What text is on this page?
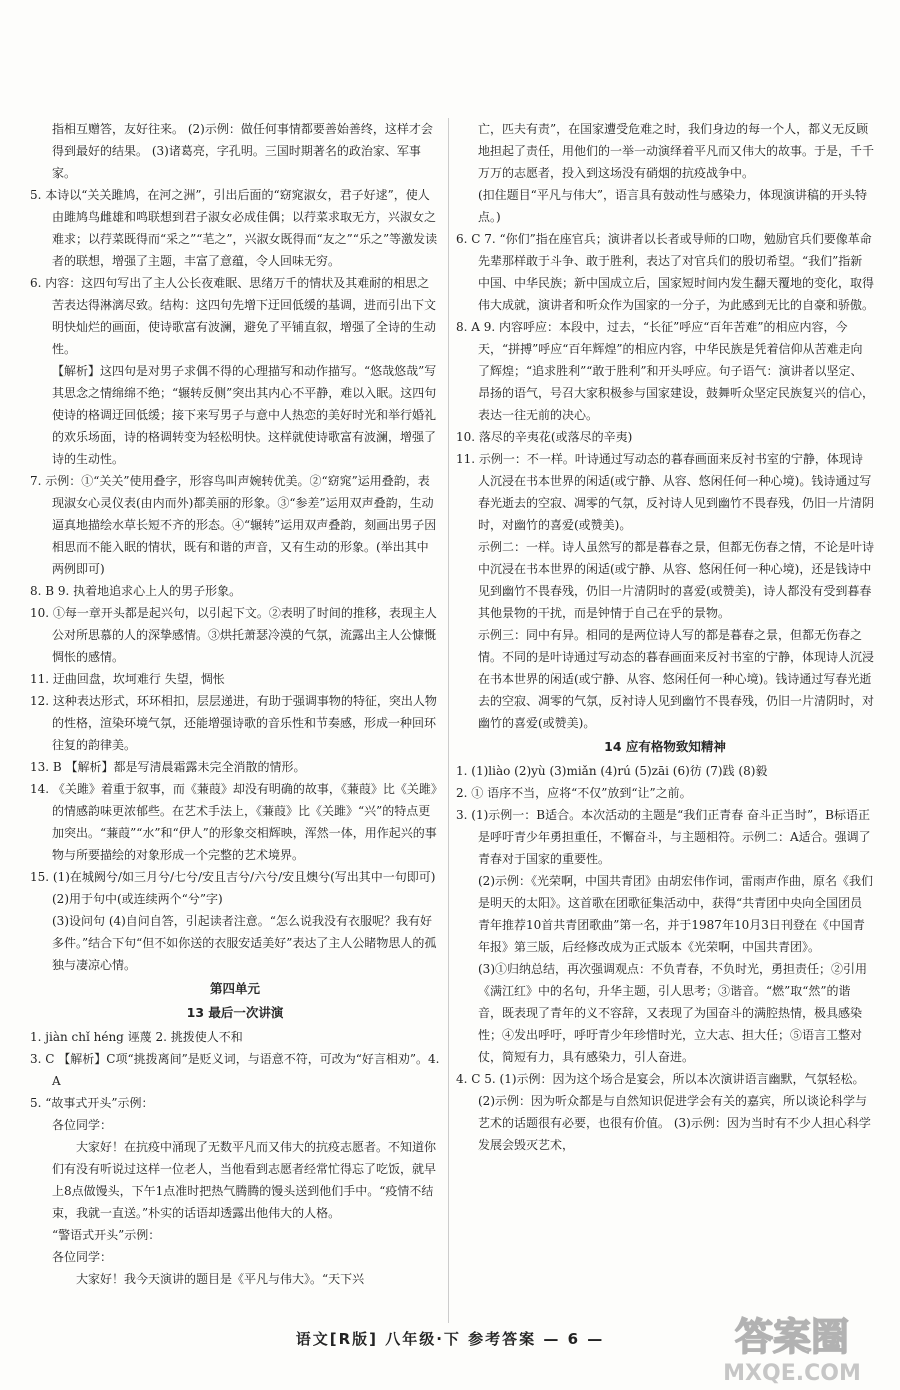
指相互赠答，友好往来。 (2)示例：做任何事情都要善始善终，这样才会得到最好的结果。 (3)诸葛亮，字孔明。三国时期著名的政治家、军事家。
5. 本诗以“关关雎鸠，在河之洲”，引出后面的“窈窕淑女，君子好逑”，使人由雎鸠鸟雌雄和鸣联想到君子淑女必成佳偶；以荇菜求取无方，兴淑女之难求；以荇菜既得而“采之”“芼之”，兴淑女既得而“友之”“乐之”等激发读者的联想，增强了主题，丰富了意蕴，令人回味无穷。
6. 内容：这四句写出了主人公长夜难眠、思绪万千的情状及其难耐的相思之苦表达得淋漓尽致。结构：这四句先增下迂回低缓的基调，进而引出下文明快灿烂的画面，使诗歌富有波澜，避免了平铺直叙，增强了全诗的生动性。
【解析】这四句是对男子求偶不得的心理描写和动作描写。“悠哉悠哉”写其思念之情绵绵不绝；“辗转反侧”突出其内心不平静，难以入眠。这四句使诗的格调迂回低缓；接下来写男子与意中人热恋的美好时光和举行婚礼的欢乐场面，诗的格调转变为轻松明快。这样就使诗歌富有波澜，增强了诗的生动性。
7. 示例：①“关关”使用叠字，形容鸟叫声婉转优美。②“窈窕”运用叠韵，表现淑女心灵仪表(由内而外)都美丽的形象。③“参差”运用双声叠韵，生动逼真地描绘水草长短不齐的形态。④“辗转”运用双声叠韵，刻画出男子因相思而不能入眠的情状，既有和谐的声音，又有生动的形象。(举出其中两例即可)
8. B 9. 执着地追求心上人的男子形象。
10. ①每一章开头都是起兴句，以引起下文。②表明了时间的推移，表现主人公对所思慕的人的深挚感情。③烘托萧瑟冷漠的气氛，流露出主人公慷慨惆怅的感情。
11. 迂曲回盘，坎坷难行 失望，惆怅
12. 这种表达形式，环环相扣，层层递进，有助于强调事物的特征，突出人物的性格，渲染环境气氛，还能增强诗歌的音乐性和节奏感，形成一种回环往复的韵律美。
13. B 【解析】都是写清晨霜露未完全消散的情形。
14. 《关雎》着重于叙事，而《蒹葭》却没有明确的故事，《蒹葭》比《关雎》的情感韵味更浓郁些。在艺术手法上，《蒹葭》比《关雎》“兴”的特点更加突出。“蒹葭”“水”和“伊人”的形象交相辉映，浑然一体，用作起兴的事物与所要描绘的对象形成一个完整的艺术境界。
15. (1)在城阙兮/如三月兮/七兮/安且吉兮/六兮/安且燠兮(写出其中一句即可) (2)用于句中(或连续两个“兮”字)
(3)设问句 (4)自问自答，引起读者注意。“怎么说我没有衣服呢？我有好多件。”结合下句“但不如你送的衣服安适美好”表达了主人公睹物思人的孤独与凄凉心情。
第四单元
13 最后一次讲演
1. jiàn chǐ héng 诬蔑 2. 挑拨使人不和
3. C 【解析】C项“挑拨离间”是贬义词，与语意不符，可改为“好言相劝”。4. A
5. “故事式开头”示例：
各位同学：
大家好！在抗疫中涌现了无数平凡而又伟大的抗疫志愿者。不知道你们有没有听说过这样一位老人，当他看到志愿者经常忙得忘了吃饭，就早上8点做馒头，下午1点准时把热气腾腾的馒头送到他们手中。“疫情不结束，我就一直送。”朴实的话语却透露出他伟大的人格。
“警语式开头”示例：
各位同学：
大家好！我今天演讲的题目是《平凡与伟大》。“天下兴
亡，匹夫有责”，在国家遭受危难之时，我们身边的每一个人，都义无反顾地担起了责任，用他们的一举一动演绎着平凡而又伟大的故事。于是，千千万万的志愿者，投入到这场没有硝烟的抗疫战争中。
(扣住题目“平凡与伟大”，语言具有鼓动性与感染力，体现演讲稿的开头特点。)
6. C 7. “你们”指在座官兵；演讲者以长者或导师的口吻，勉励官兵们要像革命先辈那样敢于斗争、敢于胜利，表达了对官兵们的殷切希望。“我们”指新中国、中华民族；新中国成立后，国家短时间内发生翻天覆地的变化，取得伟大成就，演讲者和听众作为国家的一分子，为此感到无比的自豪和骄傲。
8. A 9. 内容呼应：本段中，过去，“长征”呼应“百年苦难”的相应内容，今天，“拼搏”呼应“百年辉煌”的相应内容，中华民族是凭着信仰从苦难走向了辉煌；“追求胜利”“敢于胜利”和开头呼应。句子语气：演讲者以坚定、昂扬的语气，号召大家积极参与国家建设，鼓舞听众坚定民族复兴的信心，表达一往无前的决心。
10. 落尽的辛夷花(或落尽的辛夷)
11. 示例一：不一样。叶诗通过写动态的暮春画面来反衬书室的宁静，体现诗人沉浸在书本世界的闲适(或宁静、从容、悠闲任何一种心境)。钱诗通过写春光逝去的空寂、凋零的气氛，反衬诗人见到幽竹不畏春残，仍旧一片清阴时，对幽竹的喜爱(或赞美)。
示例二：一样。诗人虽然写的都是暮春之景，但都无伤春之情，不论是叶诗中沉浸在书本世界的闲适(或宁静、从容、悠闲任何一种心境)，还是钱诗中见到幽竹不畏春残，仍旧一片清阴时的喜爱(或赞美)，诗人都没有受到暮春其他景物的干扰，而是钟情于自己在乎的景物。
示例三：同中有异。相同的是两位诗人写的都是暮春之景，但都无伤春之情。不同的是叶诗通过写动态的暮春画面来反衬书室的宁静，体现诗人沉浸在书本世界的闲适(或宁静、从容、悠闲任何一种心境)。钱诗通过写春光逝去的空寂、凋零的气氛，反衬诗人见到幽竹不畏春残，仍旧一片清阴时，对幽竹的喜爱(或赞美)。
14 应有格物致知精神
1. (1)liào (2)yù (3)miǎn (4)rú (5)zāi (6)彷 (7)践 (8)毅
2. ① 语序不当，应将“不仅”放到“让”之前。
3. (1)示例一：B适合。本次活动的主题是“我们正青春 奋斗正当时”，B标语正是呼吁青少年勇担重任，不懈奋斗，与主题相符。示例二：A适合。强调了青春对于国家的重要性。
(2)示例：《光荣啊，中国共青团》由胡宏伟作词，雷雨声作曲，原名《我们是明天的太阳》。这首歌在团歌征集活动中，获得“共青团中央向全国团员青年推荐10首共青团歌曲”第一名，并于1987年10月3日刊登在《中国青年报》第三版，后经修改成为正式版本《光荣啊，中国共青团》。
(3)①归纳总结，再次强调观点：不负青春，不负时光，勇担责任；②引用《满江红》中的名句，升华主题，引人思考；③谐音。“燃”取“然”的谐音，既表现了青年的义不容辞，又表现了为国奋斗的满腔热情，极具感染性；④发出呼吁，呼吁青少年珍惜时光，立大志、担大任；⑤语言工整对仗，简短有力，具有感染力，引人奋进。
4. C 5. (1)示例：因为这个场合是宴会，所以本次演讲语言幽默，气氛轻松。 (2)示例：因为听众都是与自然知识促进学会有关的嘉宾，所以谈论科学与艺术的话题很有必要，也很有价值。 (3)示例：因为当时有不少人担心科学发展会毁灭艺术，
语文[R版] 八年级·下 参考答案 — 6 —	答案圈
MXQE.COM
